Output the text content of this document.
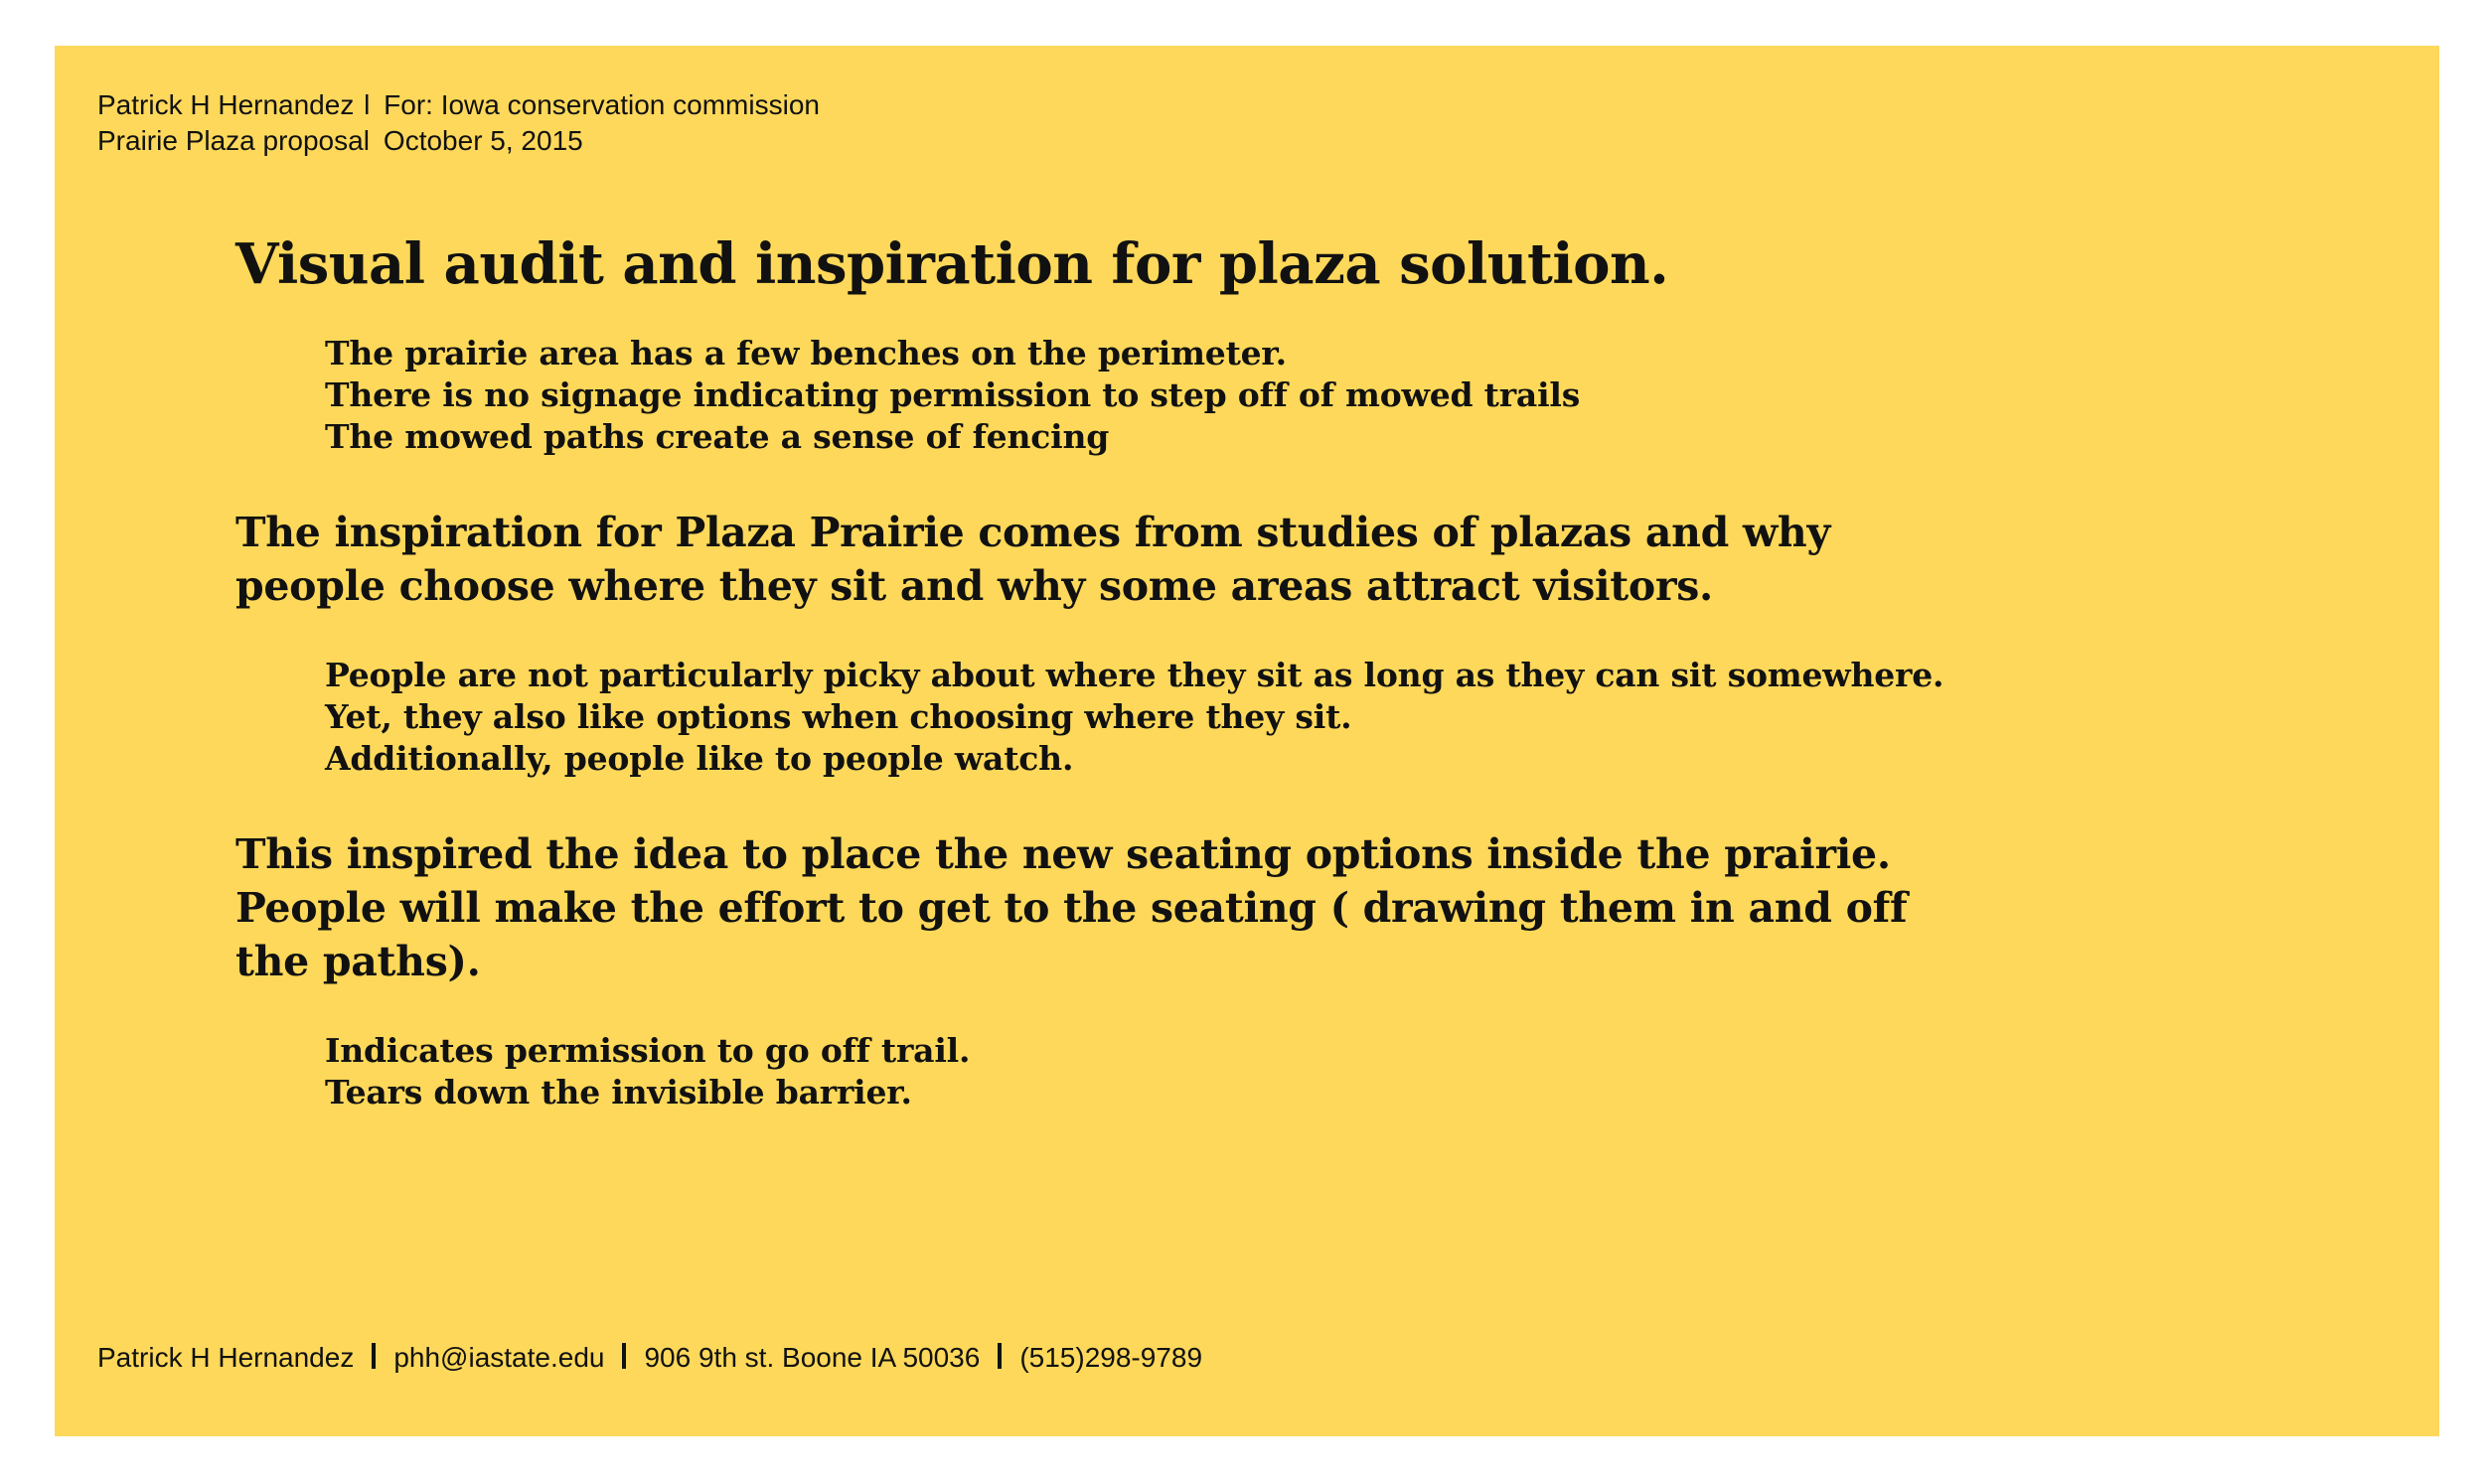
Patrick H Hernandez l For: Iowa conservation commission
Prairie Plaza proposal October 5, 2015
Visual audit and inspiration for plaza solution.
The prairie area has a few benches on the perimeter.
There is no signage indicating permission to step off of mowed trails
The mowed paths create a sense of fencing
The inspiration for Plaza Prairie comes from studies of plazas and why
people choose where they sit and why some areas attract visitors.
People are not particularly picky about where they sit as long as they can sit somewhere.
Yet, they also like options when choosing where they sit.
Additionally, people like to people watch.
This inspired the idea to place the new seating options inside the prairie.
People will make the effort to get to the seating ( drawing them in and off
the paths).
Indicates permission to go off trail.
Tears down the invisible barrier.
Patrick H Hernandez phh@iastate.edu 906 9th st. Boone IA 50036 (515)298-9789
